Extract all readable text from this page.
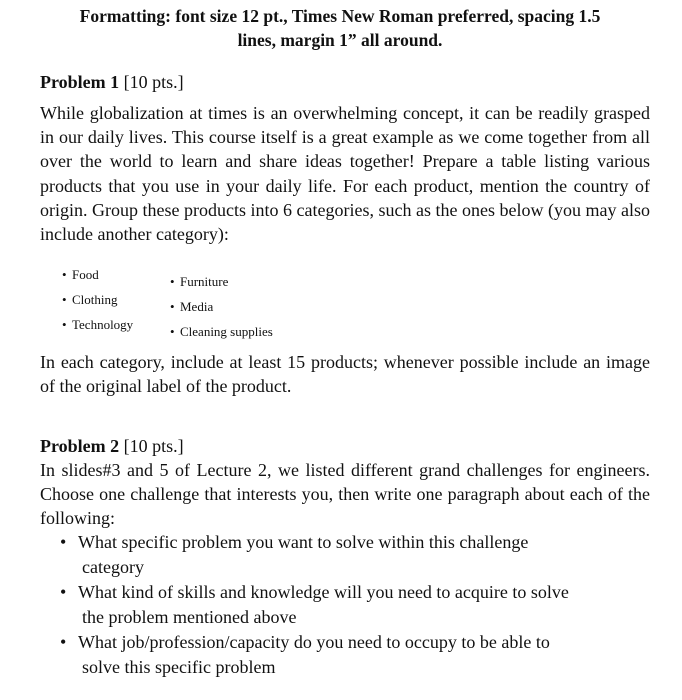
Formatting: font size 12 pt., Times New Roman preferred, spacing 1.5
lines, margin 1” all around.
Problem 1 [10 pts.]
While globalization at times is an overwhelming concept, it can be readily grasped in our daily lives. This course itself is a great example as we come together from all over the world to learn and share ideas together! Prepare a table listing various products that you use in your daily life. For each product, mention the country of origin. Group these products into 6 categories, such as the ones below (you may also include another category):
• Food
• Clothing
• Technology
• Furniture
• Media
• Cleaning supplies
In each category, include at least 15 products; whenever possible include an image of the original label of the product.
Problem 2 [10 pts.]
In slides#3 and 5 of Lecture 2, we listed different grand challenges for engineers. Choose one challenge that interests you, then write one paragraph about each of the following:
• What specific problem you want to solve within this challenge
category
• What kind of skills and knowledge will you need to acquire to solve
the problem mentioned above
• What job/profession/capacity do you need to occupy to be able to
solve this specific problem
